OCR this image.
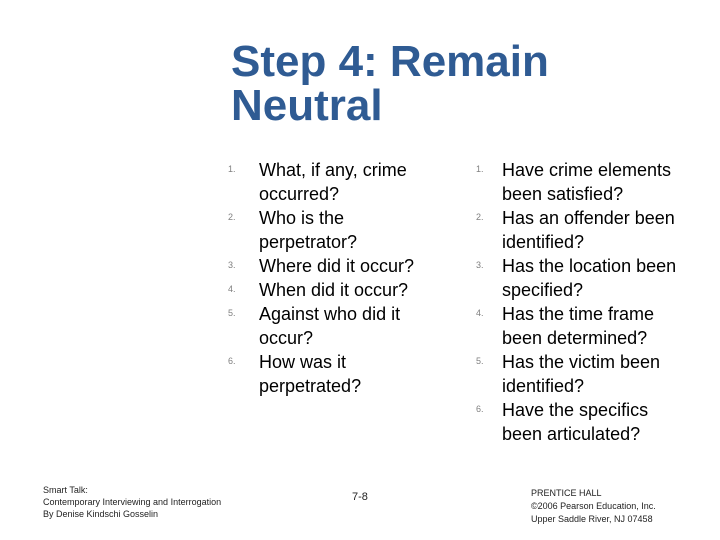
Step 4: Remain
Neutral
1. What, if any, crime occurred?
2. Who is the perpetrator?
3. Where did it occur?
4. When did it occur?
5. Against who did it occur?
6. How was it perpetrated?
1. Have crime elements been satisfied?
2. Has an offender been identified?
3. Has the location been specified?
4. Has the time frame been determined?
5. Has the victim been identified?
6. Have the specifics been articulated?
Smart Talk:
Contemporary Interviewing and Interrogation
By Denise Kindschi Gosselin
7-8	PRENTICE HALL
©2006 Pearson Education, Inc.
Upper Saddle River, NJ 07458
